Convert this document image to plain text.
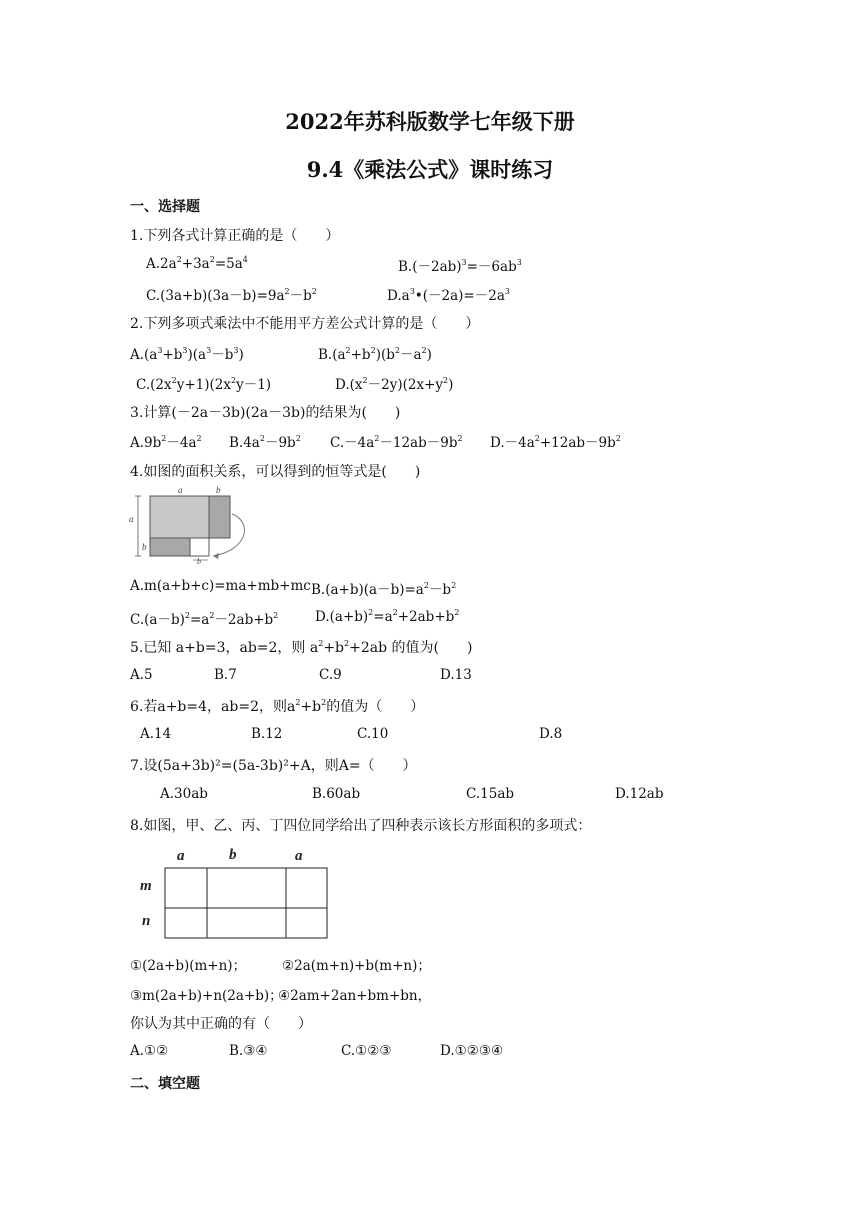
2022年苏科版数学七年级下册
9.4《乘法公式》课时练习
一、选择题
1.下列各式计算正确的是（　　）
$A.2a^2+3a^2=5a^4$	$B.(-2ab)^3=-6ab^3$
$C.(3a+b)(3a-b)=9a^2-b^2$	$D.a^3•(-2a)=-2a^3$
2.下列多项式乘法中不能用平方差公式计算的是（　　）
$A.(a^3+b^3)(a^3-b^3)$	$B.(a^2+b^2)(b^2-a^2)$
$C.(2x^2y+1)(2x^2y-1)$	$D.(x^2-2y)(2x+y^2)$
3.计算(－2a－3b)(2a－3b)的结果为(　　)
$A.9b^2-4a^2$ $B.4a^2-9b^2$ $C.-4a^2-12ab-9b^2$ $D.-4a^2+12ab-9b^2$
4.如图的面积关系，可以得到的恒等式是(　　)
a	b
a
b
b
A.m(a+b+c)=ma+mb+mc $B.(a+b)(a-b)=a^2-b^2$
$C.(a-b)^2=a^2-2ab+b^2$	$D.(a+b)^2=a^2+2ab+b^2$
5.已知 a+b=3，ab=2，则 $a^2+b^2+2ab$ 的值为(　　)
A.5	B.7	C.9	D.13
6.若a+b=4，ab=2，则$a^2+b^2$的值为（　　）
A.14	B.12	C.10	D.8
7.设(5a+3b)²=(5a-3b)²+A，则A=（　　）
A.30ab	B.60ab	C.15ab	D.12ab
8.如图，甲、乙、丙、丁四位同学给出了四种表示该长方形面积的多项式：
a	b	a
m
n
①(2a+b)(m+n)；	②2a(m+n)+b(m+n)；
③m(2a+b)+n(2a+b)；
④2am+2an+bm+bn，
你认为其中正确的有（　　）
A.①②	B.③④	C.①②③	D.①②③④
二、填空题
